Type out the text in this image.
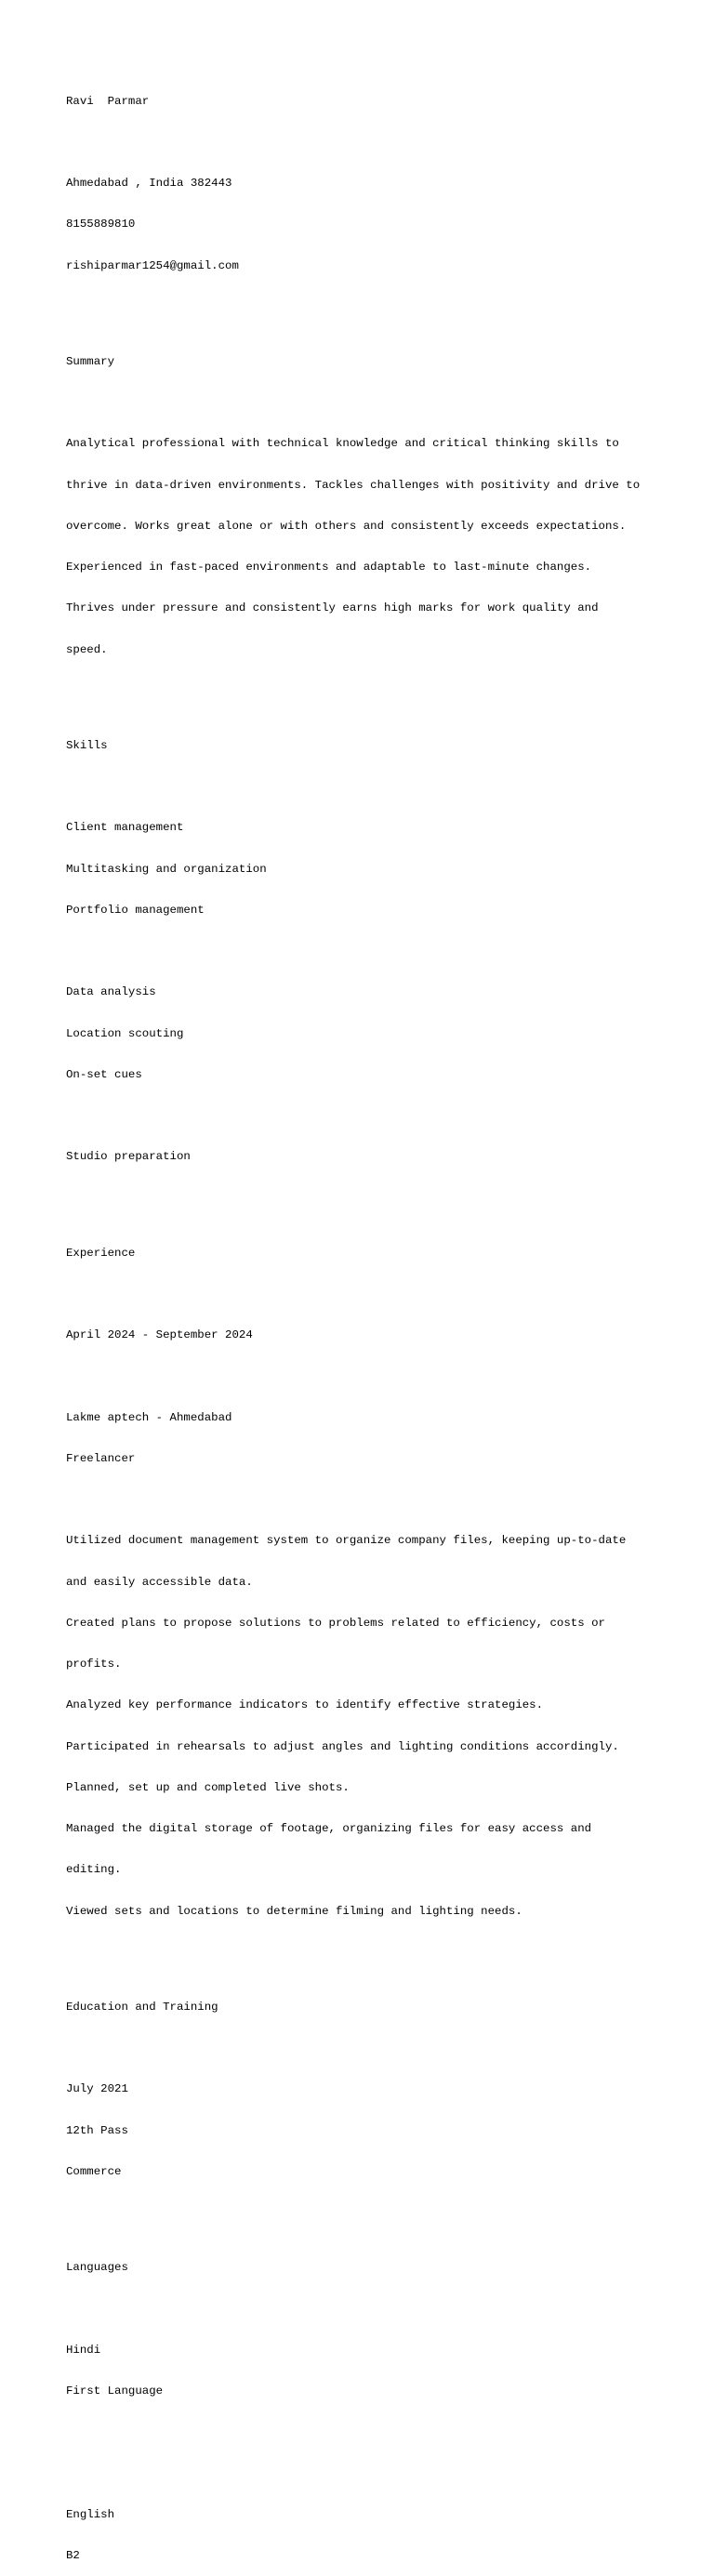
Ravi  Parmar

Ahmedabad , India 382443

8155889810

rishiparmar1254@gmail.com

Summary

Analytical professional with technical knowledge and critical thinking skills to

thrive in data-driven environments. Tackles challenges with positivity and drive to

overcome. Works great alone or with others and consistently exceeds expectations.

Experienced in fast-paced environments and adaptable to last-minute changes.

Thrives under pressure and consistently earns high marks for work quality and

speed.

Skills

Client management

Multitasking and organization

Portfolio management

Data analysis

Location scouting

On-set cues

Studio preparation

Experience

April 2024 - September 2024

Lakme aptech - Ahmedabad

Freelancer

Utilized document management system to organize company files, keeping up-to-date

and easily accessible data.

Created plans to propose solutions to problems related to efficiency, costs or

profits.

Analyzed key performance indicators to identify effective strategies.

Participated in rehearsals to adjust angles and lighting conditions accordingly.

Planned, set up and completed live shots.

Managed the digital storage of footage, organizing files for easy access and

editing.

Viewed sets and locations to determine filming and lighting needs.

Education and Training

July 2021

12th Pass

Commerce

Languages

Hindi

First Language

English

B2
